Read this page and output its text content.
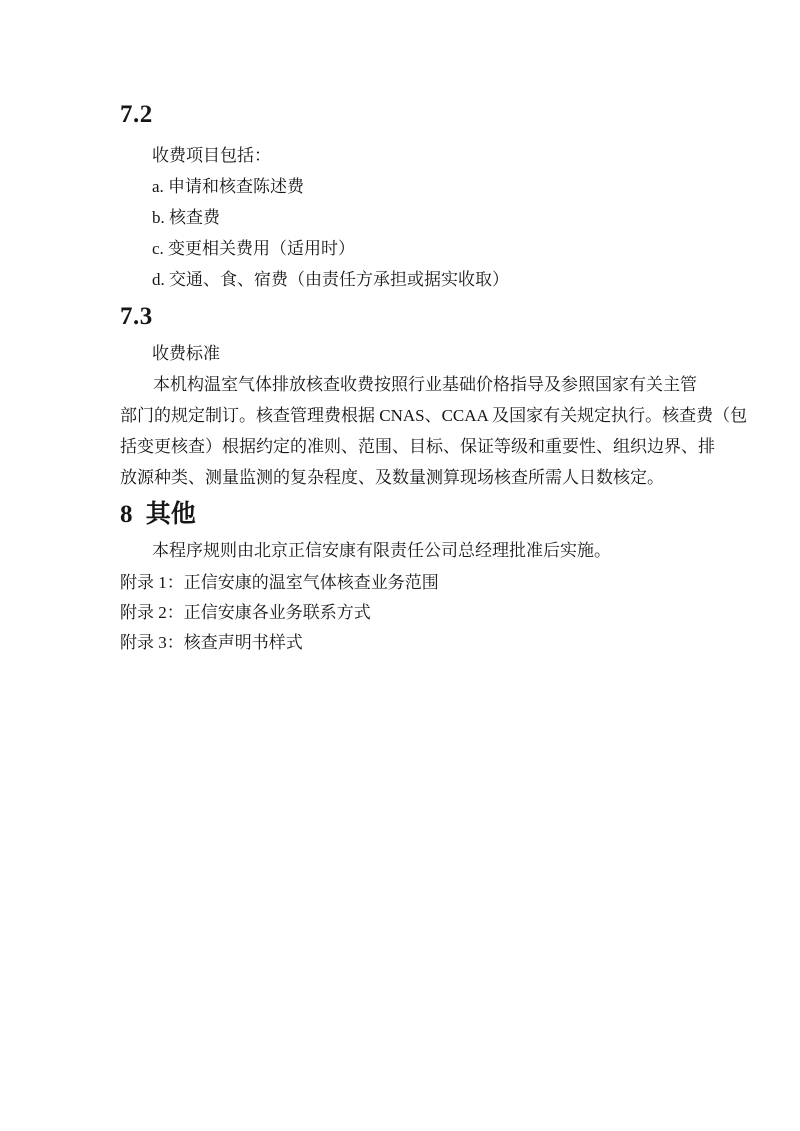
7.2
收费项目包括：
a. 申请和核查陈述费
b. 核查费
c. 变更相关费用（适用时）
d. 交通、食、宿费（由责任方承担或据实收取）
7.3
收费标准
本机构温室气体排放核查收费按照行业基础价格指导及参照国家有关主管
部门的规定制订。核查管理费根据 CNAS、CCAA 及国家有关规定执行。核查费（包
括变更核查）根据约定的准则、范围、目标、保证等级和重要性、组织边界、排
放源种类、测量监测的复杂程度、及数量测算现场核查所需人日数核定。
8 其他
本程序规则由北京正信安康有限责任公司总经理批准后实施。
附录 1：正信安康的温室气体核查业务范围
附录 2：正信安康各业务联系方式
附录 3：核查声明书样式
